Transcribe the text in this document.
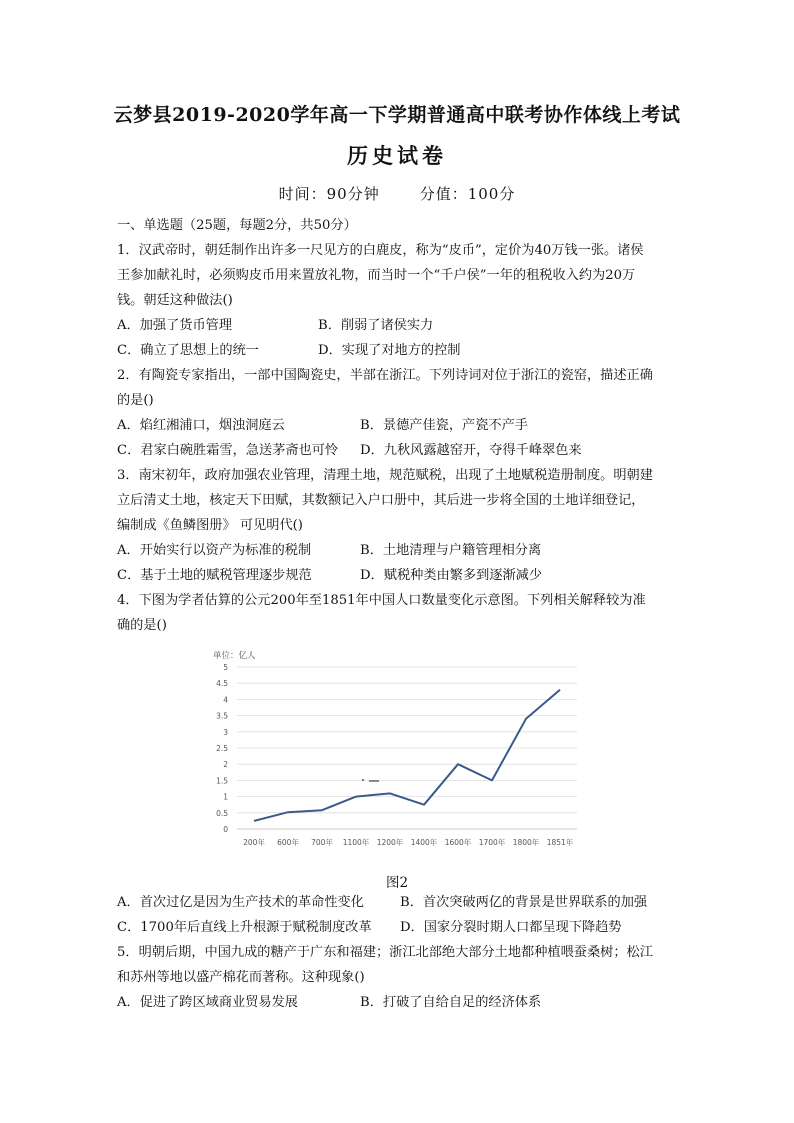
云梦县2019-2020学年高一下学期普通高中联考协作体线上考试
历史试卷
时间：90分钟	分值：100分
一、单选题（25题，每题2分，共50分）
1．汉武帝时，朝廷制作出许多一尺见方的白鹿皮，称为“皮币”，定价为40万钱一张。诸侯
王参加献礼时，必须购皮币用来置放礼物，而当时一个“千户侯”一年的租税收入约为20万
钱。朝廷这种做法()
A．加强了货币管理	B．削弱了诸侯实力
C．确立了思想上的统一	D．实现了对地方的控制
2．有陶瓷专家指出，一部中国陶瓷史，半部在浙江。下列诗词对位于浙江的瓷窑，描述正确
的是()
A．焰红湘浦口，烟浊洞庭云	B．景德产佳瓷，产瓷不产手
C．君家白碗胜霜雪，急送茅斋也可怜 D．九秋风露越窑开，夺得千峰翠色来
3．南宋初年，政府加强农业管理，清理土地，规范赋税，出现了土地赋税造册制度。明朝建
立后清丈土地，核定天下田赋，其数额记入户口册中，其后进一步将全国的土地详细登记，
编制成《鱼鳞图册》 可见明代()
A．开始实行以资产为标准的税制	B．土地清理与户籍管理相分离
C．基于土地的赋税管理逐步规范	D．赋税种类由繁多到逐渐减少
4．下图为学者估算的公元200年至1851年中国人口数量变化示意图。下列相关解释较为准
确的是()
单位：亿人
0
0.5
1
1.5
2
2.5
3
3.5
4
4.5
5
200年 600年 700年 1100年 1200年 1400年 1600年 1700年 1800年 1851年
图2
A．首次过亿是因为生产技术的革命性变化	B．首次突破两亿的背景是世界联系的加强
C．1700年后直线上升根源于赋税制度改革 D．国家分裂时期人口都呈现下降趋势
5．明朝后期，中国九成的糖产于广东和福建；浙江北部绝大部分土地都种植喂蚕桑树；松江
和苏州等地以盛产棉花而著称。这种现象()
A．促进了跨区域商业贸易发展	B．打破了自给自足的经济体系
